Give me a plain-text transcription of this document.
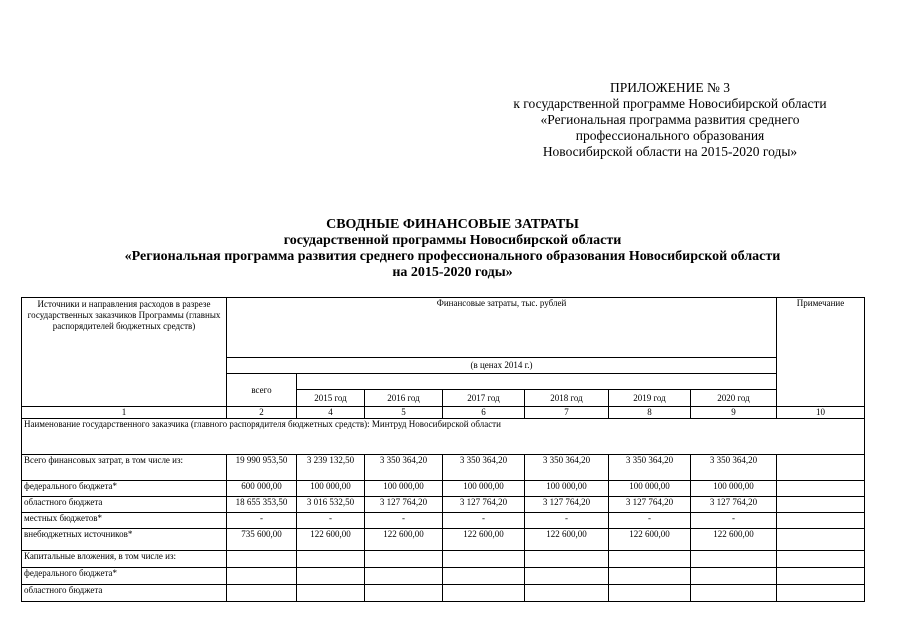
ПРИЛОЖЕНИЕ № 3
к государственной программе Новосибирской области
«Региональная программа развития среднего
профессионального образования
Новосибирской области на 2015-2020 годы»
СВОДНЫЕ ФИНАНСОВЫЕ ЗАТРАТЫ
государственной программы Новосибирской области
«Региональная программа развития среднего профессионального образования Новосибирской области
на 2015-2020 годы»
Источники и направления расходов в разрезе государственных заказчиков Программы (главных распорядителей бюджетных средств)	Финансовые затраты, тыс. рублей							Примечание
	(в ценах 2014 г.)							
	всего							
		2015 год	2016 год	2017 год	2018 год	2019 год	2020 год	
1	2	4	5	6	7	8	9	10
Наименование государственного заказчика (главного распорядителя бюджетных средств): Минтруд Новосибирской области								
Всего финансовых затрат, в том числе из:	19 990 953,50	3 239 132,50	3 350 364,20	3 350 364,20	3 350 364,20	3 350 364,20	3 350 364,20	
федерального бюджета*	600 000,00	100 000,00	100 000,00	100 000,00	100 000,00	100 000,00	100 000,00	
областного бюджета	18 655 353,50	3 016 532,50	3 127 764,20	3 127 764,20	3 127 764,20	3 127 764,20	3 127 764,20	
местных бюджетов*	-	-	-	-	-	-	-	
внебюджетных источников*	735 600,00	122 600,00	122 600,00	122 600,00	122 600,00	122 600,00	122 600,00	
Капитальные вложения, в том числе из:								
федерального бюджета*								
областного бюджета								
